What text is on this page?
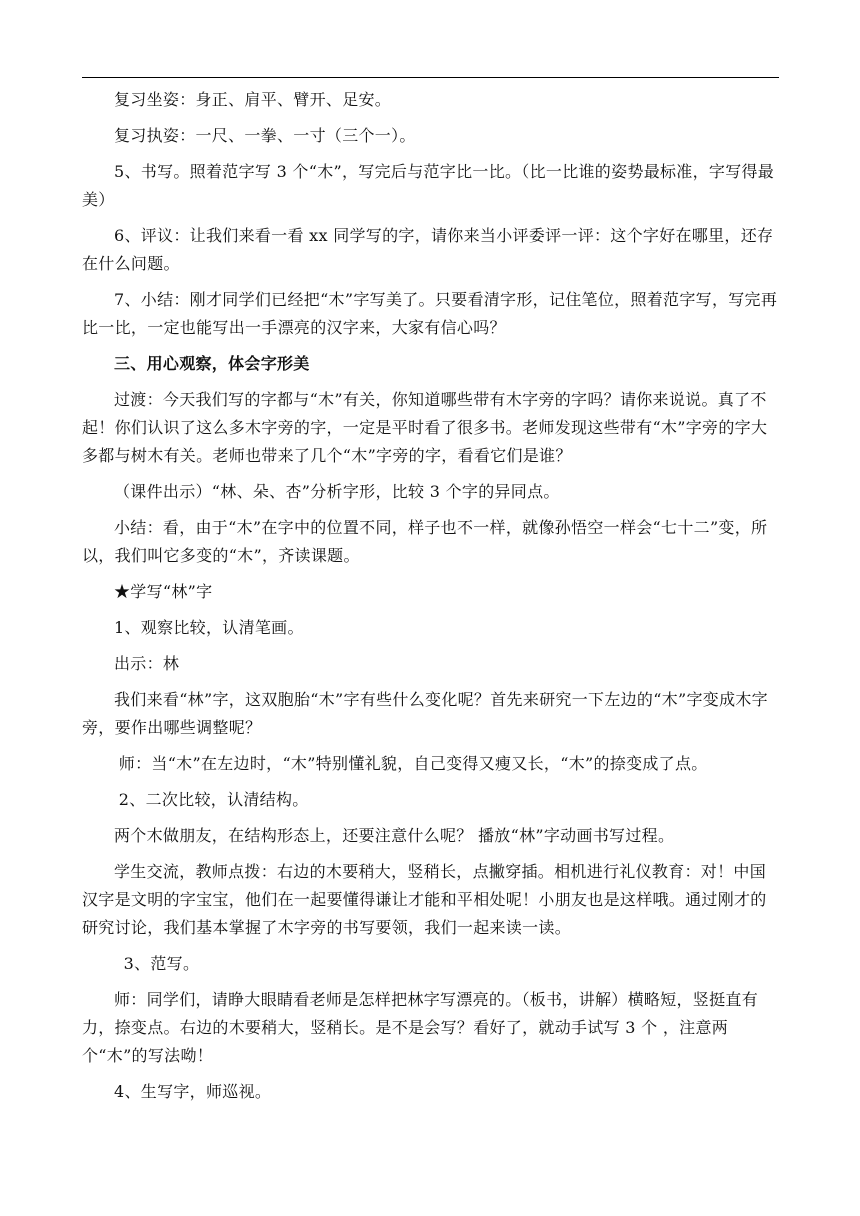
复习坐姿：身正、肩平、臂开、足安。

复习执姿：一尺、一拳、一寸（三个一）。

5、书写。照着范字写 3 个“木”，写完后与范字比一比。（比一比谁的姿势最标准，字写得最美）

6、评议：让我们来看一看 xx 同学写的字，请你来当小评委评一评：这个字好在哪里，还存在什么问题。

7、小结：刚才同学们已经把“木”字写美了。只要看清字形，记住笔位，照着范字写，写完再比一比，一定也能写出一手漂亮的汉字来，大家有信心吗？

三、用心观察，体会字形美

过渡：今天我们写的字都与“木”有关，你知道哪些带有木字旁的字吗？请你来说说。真了不起！你们认识了这么多木字旁的字，一定是平时看了很多书。老师发现这些带有“木”字旁的字大多都与树木有关。老师也带来了几个“木”字旁的字，看看它们是谁？

（课件出示）“林、朵、杏”分析字形，比较 3 个字的异同点。

小结：看，由于“木”在字中的位置不同，样子也不一样，就像孙悟空一样会“七十二”变，所以，我们叫它多变的“木”，齐读课题。

★学写“林”字

1、观察比较，认清笔画。

出示：林

我们来看“林”字，这双胞胎“木”字有些什么变化呢？首先来研究一下左边的“木”字变成木字旁，要作出哪些调整呢？

师：当“木”在左边时，“木”特别懂礼貌，自己变得又瘦又长，“木”的捺变成了点。

2、二次比较，认清结构。

两个木做朋友，在结构形态上，还要注意什么呢？ 播放“林”字动画书写过程。

学生交流，教师点拨：右边的木要稍大，竖稍长，点撇穿插。相机进行礼仪教育：对！中国汉字是文明的字宝宝，他们在一起要懂得谦让才能和平相处呢！小朋友也是这样哦。通过刚才的研究讨论，我们基本掌握了木字旁的书写要领，我们一起来读一读。

3、范写。

师：同学们，请睁大眼睛看老师是怎样把林字写漂亮的。（板书，讲解）横略短，竖挺直有力，捺变点。右边的木要稍大，竖稍长。是不是会写？看好了，就动手试写 3 个 ，注意两个“木”的写法呦！

4、生写字，师巡视。
